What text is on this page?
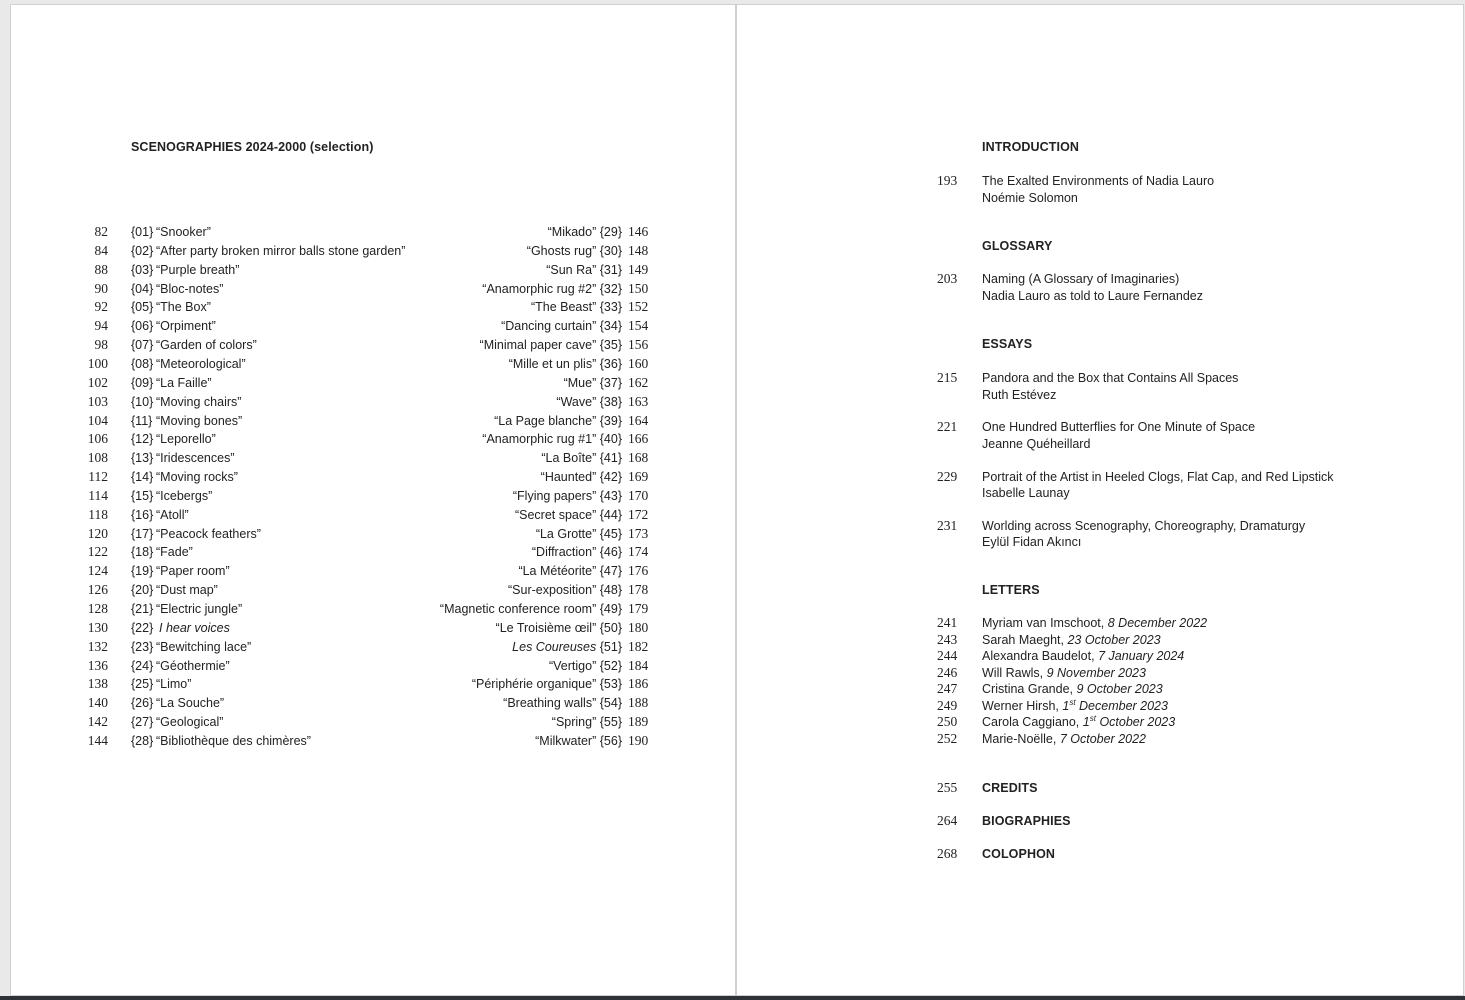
SCENOGRAPHIES 2024-2000 (selection)
82 {01} “Snooker”
84 {02} “After party broken mirror balls stone garden”
88 {03} “Purple breath”
90 {04} “Bloc-notes”
92 {05} “The Box”
94 {06} “Orpiment”
98 {07} “Garden of colors”
100 {08} “Meteorological”
102 {09} “La Faille”
103 {10} “Moving chairs”
104 {11} “Moving bones”
106 {12} “Leporello”
108 {13} “Iridescences”
112 {14} “Moving rocks”
114 {15} “Icebergs”
118 {16} “Atoll”
120 {17} “Peacock feathers”
122 {18} “Fade”
124 {19} “Paper room”
126 {20} “Dust map”
128 {21} “Electric jungle”
130 {22} I hear voices
132 {23} “Bewitching lace”
136 {24} “Géothermie”
138 {25} “Limo”
140 {26} “La Souche”
142 {27} “Geological”
144 {28} “Bibliothèque des chimères”
“Mikado” {29} 146
“Ghosts rug” {30} 148
“Sun Ra” {31} 149
“Anamorphic rug #2” {32} 150
“The Beast” {33} 152
“Dancing curtain” {34} 154
“Minimal paper cave” {35} 156
“Mille et un plis” {36} 160
“Mue” {37} 162
“Wave” {38} 163
“La Page blanche” {39} 164
“Anamorphic rug #1” {40} 166
“La Boîte” {41} 168
“Haunted” {42} 169
“Flying papers” {43} 170
“Secret space” {44} 172
“La Grotte” {45} 173
“Diffraction” {46} 174
“La Météorite” {47} 176
“Sur-exposition” {48} 178
“Magnetic conference room” {49} 179
“Le Troisième œil” {50} 180
Les Coureuses {51} 182
“Vertigo” {52} 184
“Périphérie organique” {53} 186
“Breathing walls” {54} 188
“Spring” {55} 189
“Milkwater” {56} 190
INTRODUCTION
193 The Exalted Environments of Nadia Lauro
Noémie Solomon
GLOSSARY
203 Naming (A Glossary of Imaginaries)
Nadia Lauro as told to Laure Fernandez
ESSAYS
215 Pandora and the Box that Contains All Spaces
Ruth Estévez
221 One Hundred Butterflies for One Minute of Space
Jeanne Quéheillard
229 Portrait of the Artist in Heeled Clogs, Flat Cap, and Red Lipstick
Isabelle Launay
231 Worlding across Scenography, Choreography, Dramaturgy
Eylül Fidan Akıncı
LETTERS
241 Myriam van Imschoot, 8 December 2022
243 Sarah Maeght, 23 October 2023
244 Alexandra Baudelot, 7 January 2024
246 Will Rawls, 9 November 2023
247 Cristina Grande, 9 October 2023
249 Werner Hirsh, 1st December 2023
250 Carola Caggiano, 1st October 2023
252 Marie-Noëlle, 7 October 2022
255 CREDITS
264 BIOGRAPHIES
268 COLOPHON
